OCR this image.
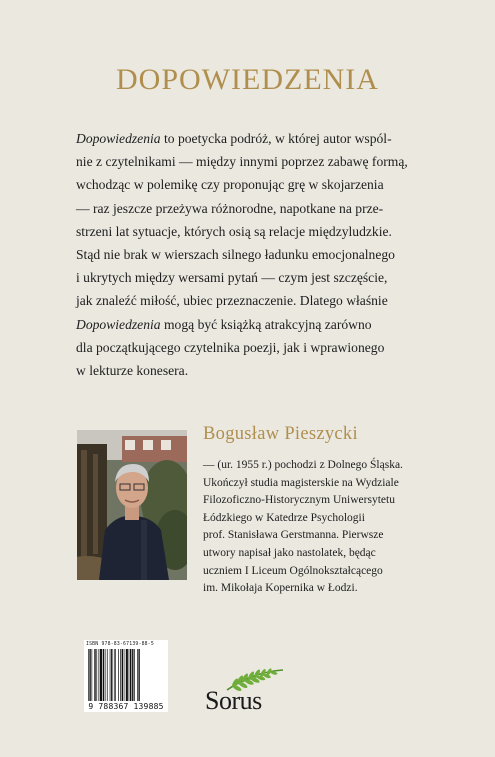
DOPOWIEDZENIA

Dopowiedzenia to poetycka podróż, w której autor wspól-

nie z czytelnikami — między innymi poprzez zabawę formą,

wchodząc w polemikę czy proponując grę w skojarzenia

— raz jeszcze przeżywa różnorodne, napotkane na prze-

strzeni lat sytuacje, których osią są relacje międzyludzkie.

Stąd nie brak w wierszach silnego ładunku emocjonalnego

i ukrytych między wersami pytań — czym jest szczęście,

jak znaleźć miłość, ubiec przeznaczenie. Dlatego właśnie

Dopowiedzenia mogą być książką atrakcyjną zarówno

dla początkującego czytelnika poezji, jak i wprawionego

w lekturze konesera.

Bogusław Pieszycki

— (ur. 1955 r.) pochodzi z Dolnego Śląska.

Ukończył studia magisterskie na Wydziale

Filozoficzno-Historycznym Uniwersytetu

Łódzkiego w Katedrze Psychologii

prof. Stanisława Gerstmanna. Pierwsze

utwory napisał jako nastolatek, będąc

uczniem I Liceum Ogólnokształcącego

im. Mikołaja Kopernika w Łodzi.

ISBN 978-83-67139-88-5
9 788367 139885 Sorus
